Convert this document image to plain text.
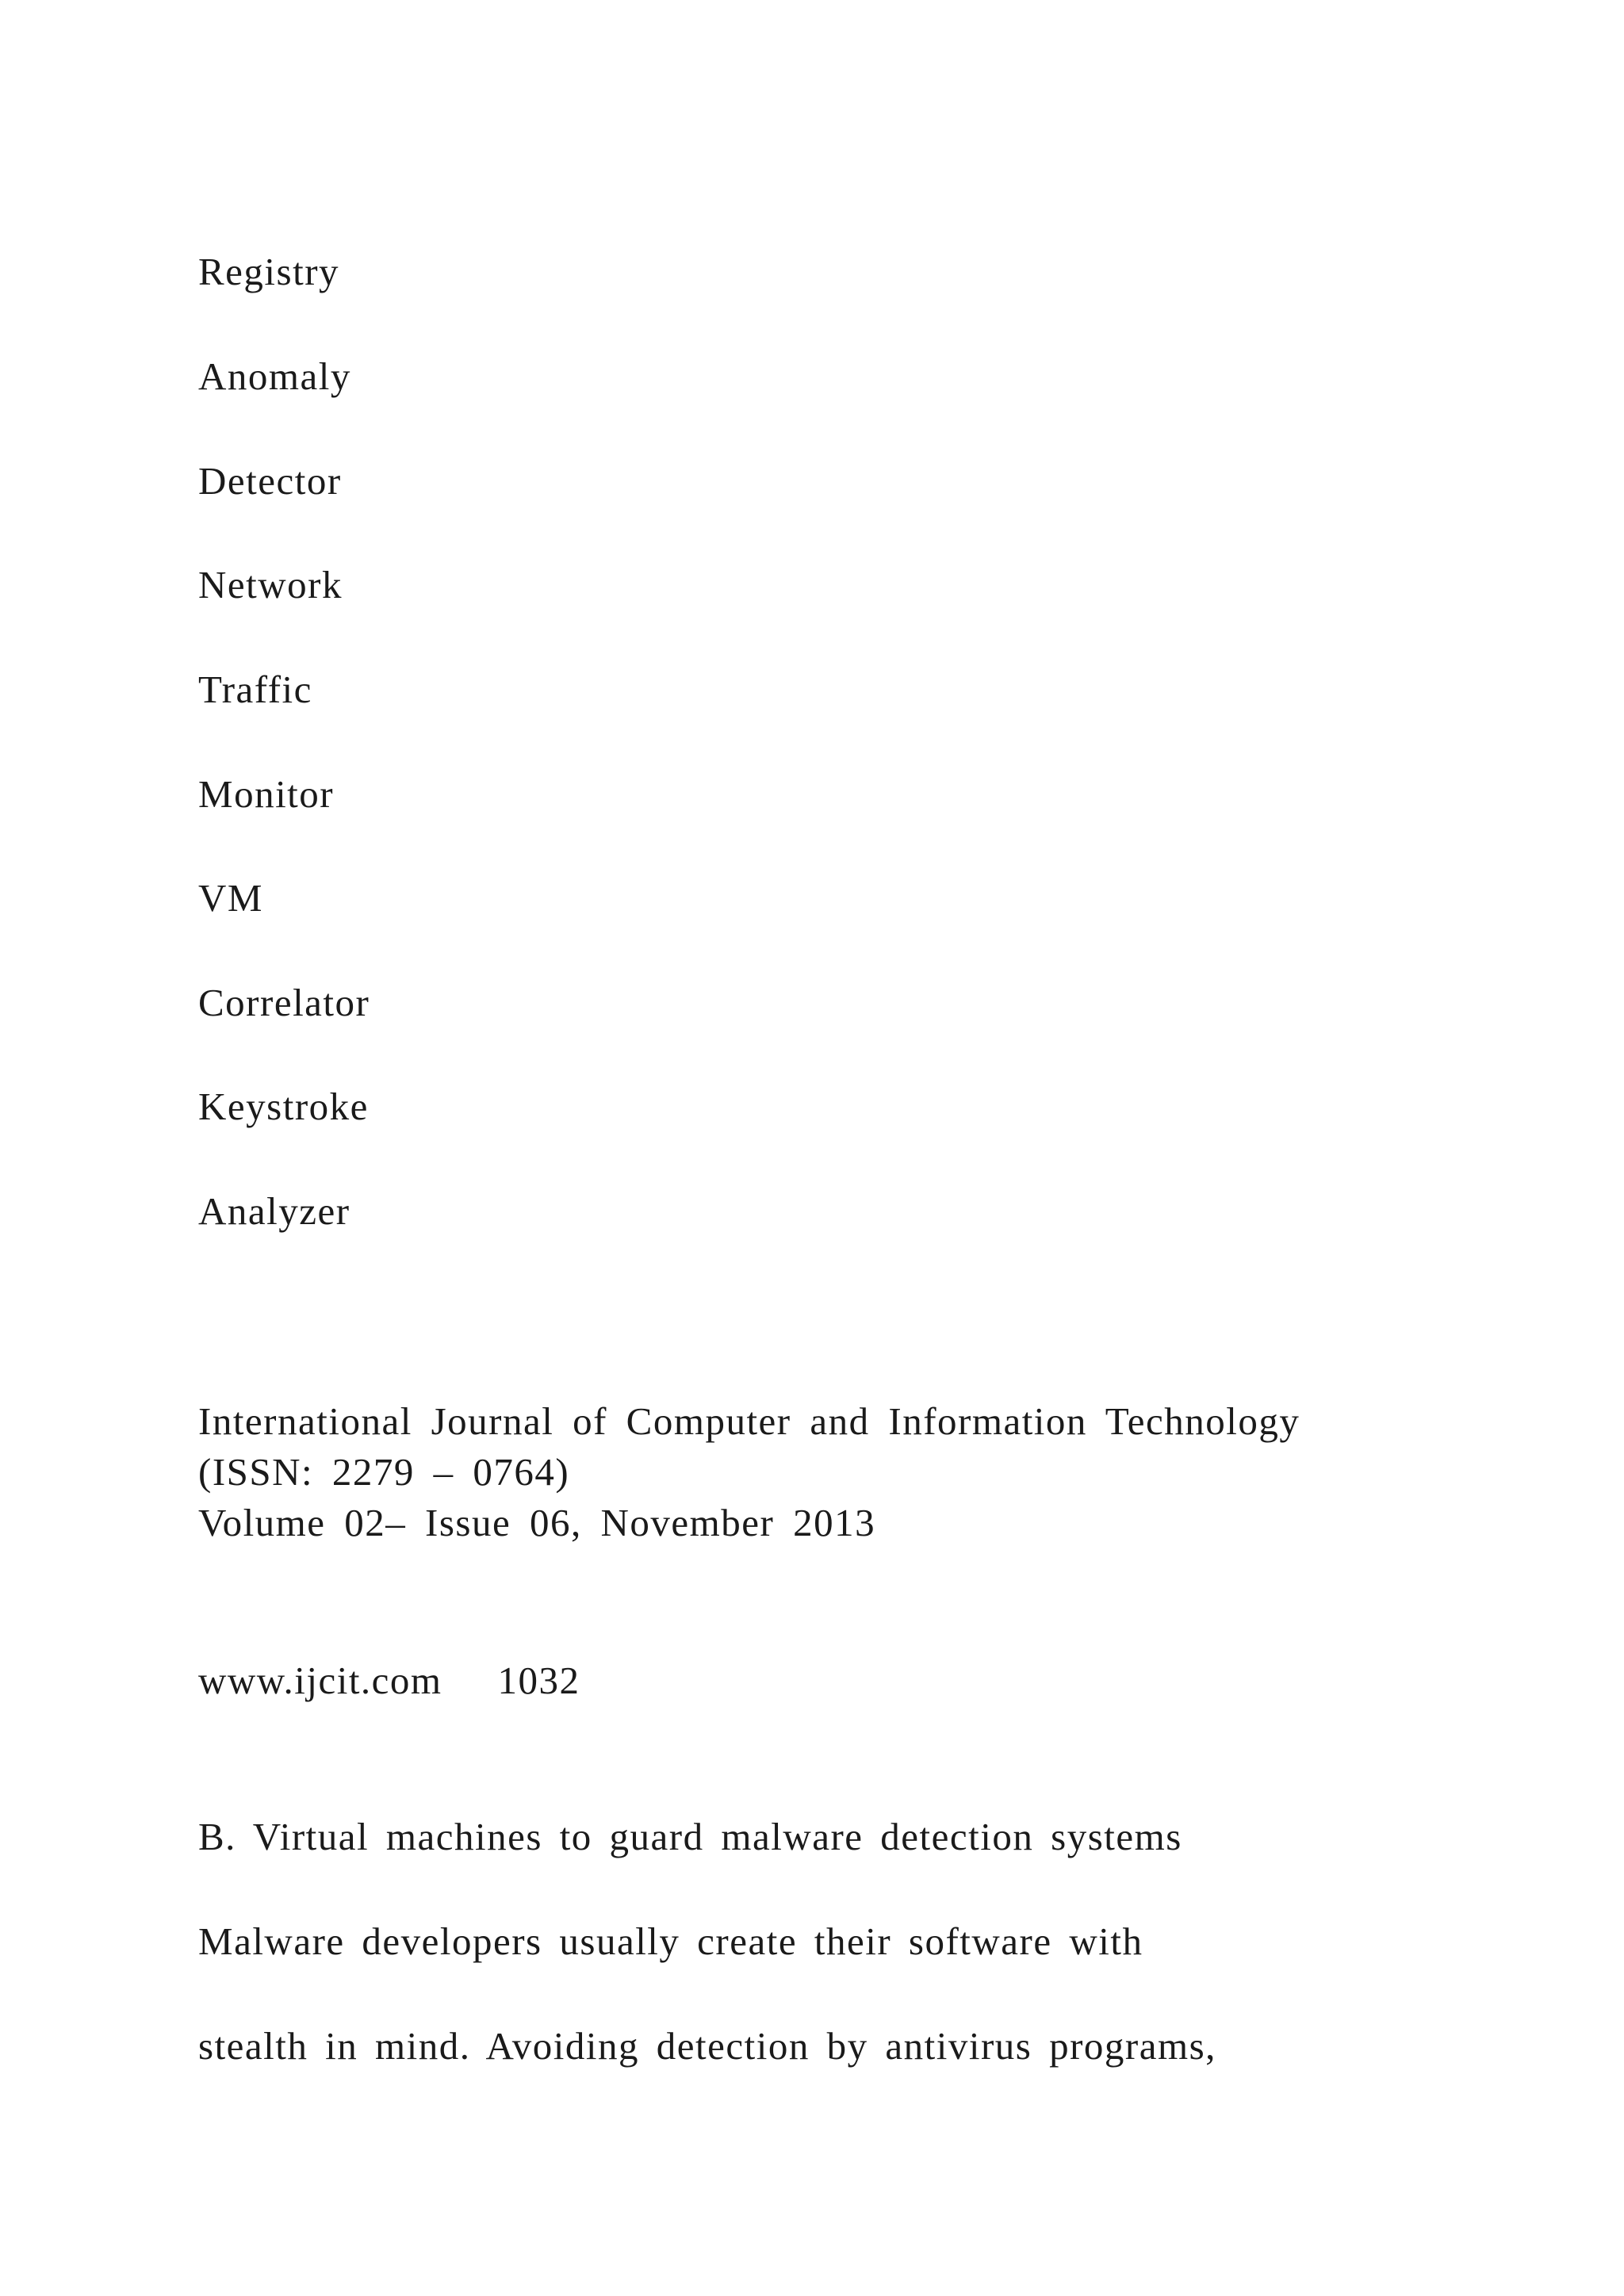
Registry
Anomaly
Detector
Network
Traffic
Monitor
VM
Correlator
Keystroke
Analyzer
International Journal of Computer and Information Technology
(ISSN: 2279 – 0764)
Volume 02– Issue 06, November 2013
www.ijcit.com 1032
B. Virtual machines to guard malware detection systems
Malware developers usually create their software with
stealth in mind. Avoiding detection by antivirus programs,
